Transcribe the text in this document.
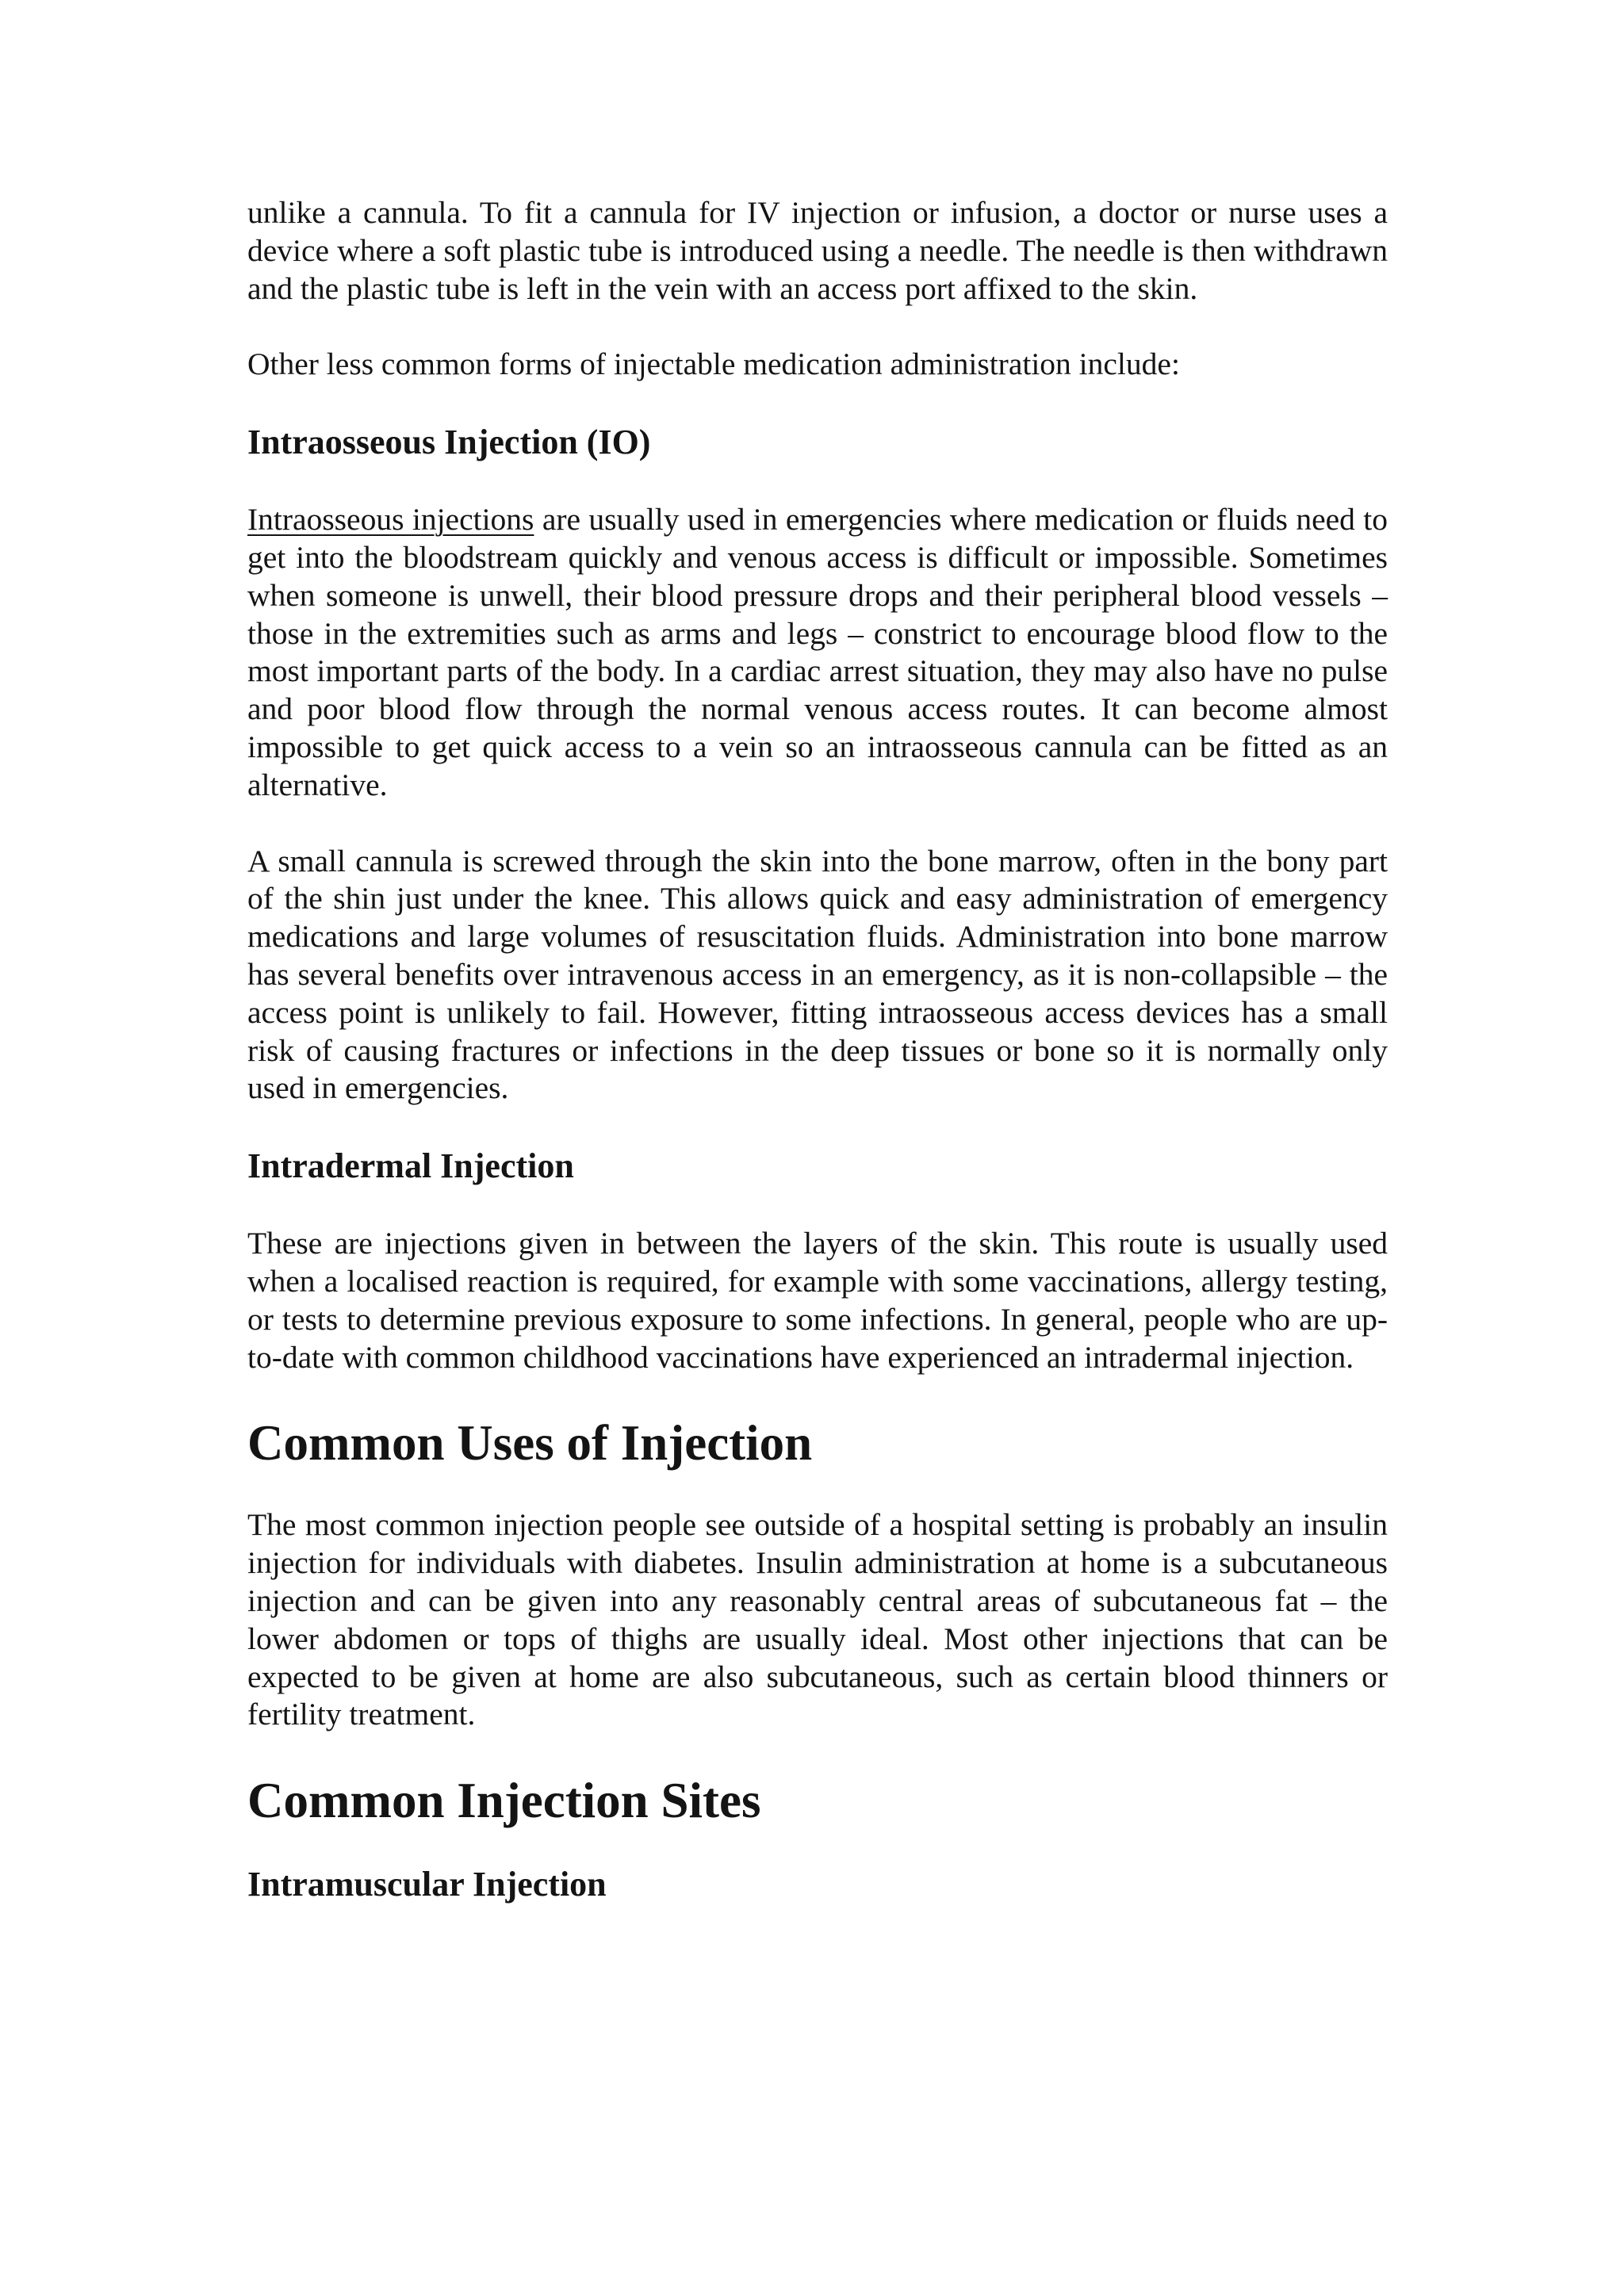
unlike a cannula. To fit a cannula for IV injection or infusion, a doctor or nurse uses a device where a soft plastic tube is introduced using a needle. The needle is then withdrawn and the plastic tube is left in the vein with an access port affixed to the skin.

Other less common forms of injectable medication administration include:

Intraosseous Injection (IO)

Intraosseous injections are usually used in emergencies where medication or fluids need to get into the bloodstream quickly and venous access is difficult or impossible. Sometimes when someone is unwell, their blood pressure drops and their peripheral blood vessels – those in the extremities such as arms and legs – constrict to encourage blood flow to the most important parts of the body. In a cardiac arrest situation, they may also have no pulse and poor blood flow through the normal venous access routes. It can become almost impossible to get quick access to a vein so an intraosseous cannula can be fitted as an alternative.

A small cannula is screwed through the skin into the bone marrow, often in the bony part of the shin just under the knee. This allows quick and easy administration of emergency medications and large volumes of resuscitation fluids. Administration into bone marrow has several benefits over intravenous access in an emergency, as it is non-collapsible – the access point is unlikely to fail. However, fitting intraosseous access devices has a small risk of causing fractures or infections in the deep tissues or bone so it is normally only used in emergencies.

Intradermal Injection

These are injections given in between the layers of the skin. This route is usually used when a localised reaction is required, for example with some vaccinations, allergy testing, or tests to determine previous exposure to some infections. In general, people who are up-to-date with common childhood vaccinations have experienced an intradermal injection.

Common Uses of Injection

The most common injection people see outside of a hospital setting is probably an insulin injection for individuals with diabetes. Insulin administration at home is a subcutaneous injection and can be given into any reasonably central areas of subcutaneous fat – the lower abdomen or tops of thighs are usually ideal. Most other injections that can be expected to be given at home are also subcutaneous, such as certain blood thinners or fertility treatment.

Common Injection Sites
Intramuscular Injection
